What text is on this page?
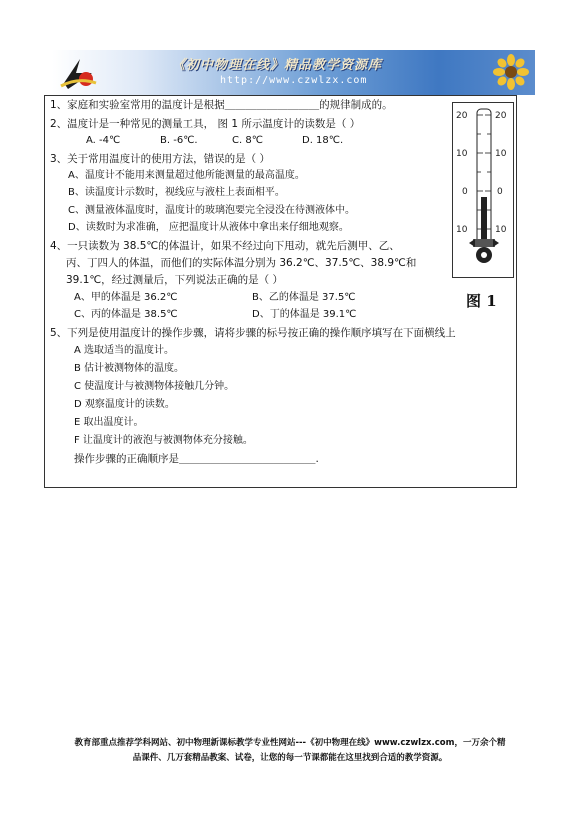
《初中物理在线》精品教学资源库
http://www.czwlzx.com
1、家庭和实验室常用的温度计是根据＿＿＿＿＿＿＿＿＿的规律制成的。
2、温度计是一种常见的测量工具， 图 1 所示温度计的读数是（ ）
A. -4℃	B. -6℃.	C. 8℃	D. 18℃.
3、关于常用温度计的使用方法，错误的是（ ）
A、温度计不能用来测量超过他所能测量的最高温度。
B、读温度计示数时，视线应与液柱上表面相平。
C、测量液体温度时，温度计的玻璃泡要完全浸没在待测液体中。
D、读数时为求准确， 应把温度计从液体中拿出来仔细地观察。
4、一只读数为 38.5℃的体温计，如果不经过向下甩动，就先后测甲、乙、
丙、丁四人的体温，而他们的实际体温分别为 36.2℃、37.5℃、38.9℃和
39.1℃，经过测量后，下列说法正确的是（ ）
A、甲的体温是 36.2℃	B、乙的体温是 37.5℃
C、丙的体温是 38.5℃	D、丁的体温是 39.1℃
5、下列是使用温度计的操作步骤，请将步骤的标号按正确的操作顺序填写在下面横线上
A 选取适当的温度计。
B 估计被测物体的温度。
C 使温度计与被测物体接触几分钟。
D 观察温度计的读数。
E 取出温度计。
F 让温度计的液泡与被测物体充分接触。
操作步骤的正确顺序是＿＿＿＿＿＿＿＿＿＿＿＿＿.
20
10
0
10
20
10
0
10
图 1
教育部重点推荐学科网站、初中物理新课标教学专业性网站---《初中物理在线》www.czwlzx.com，一万余个精
品课件、几万套精品教案、试卷，让您的每一节课都能在这里找到合适的教学资源。
